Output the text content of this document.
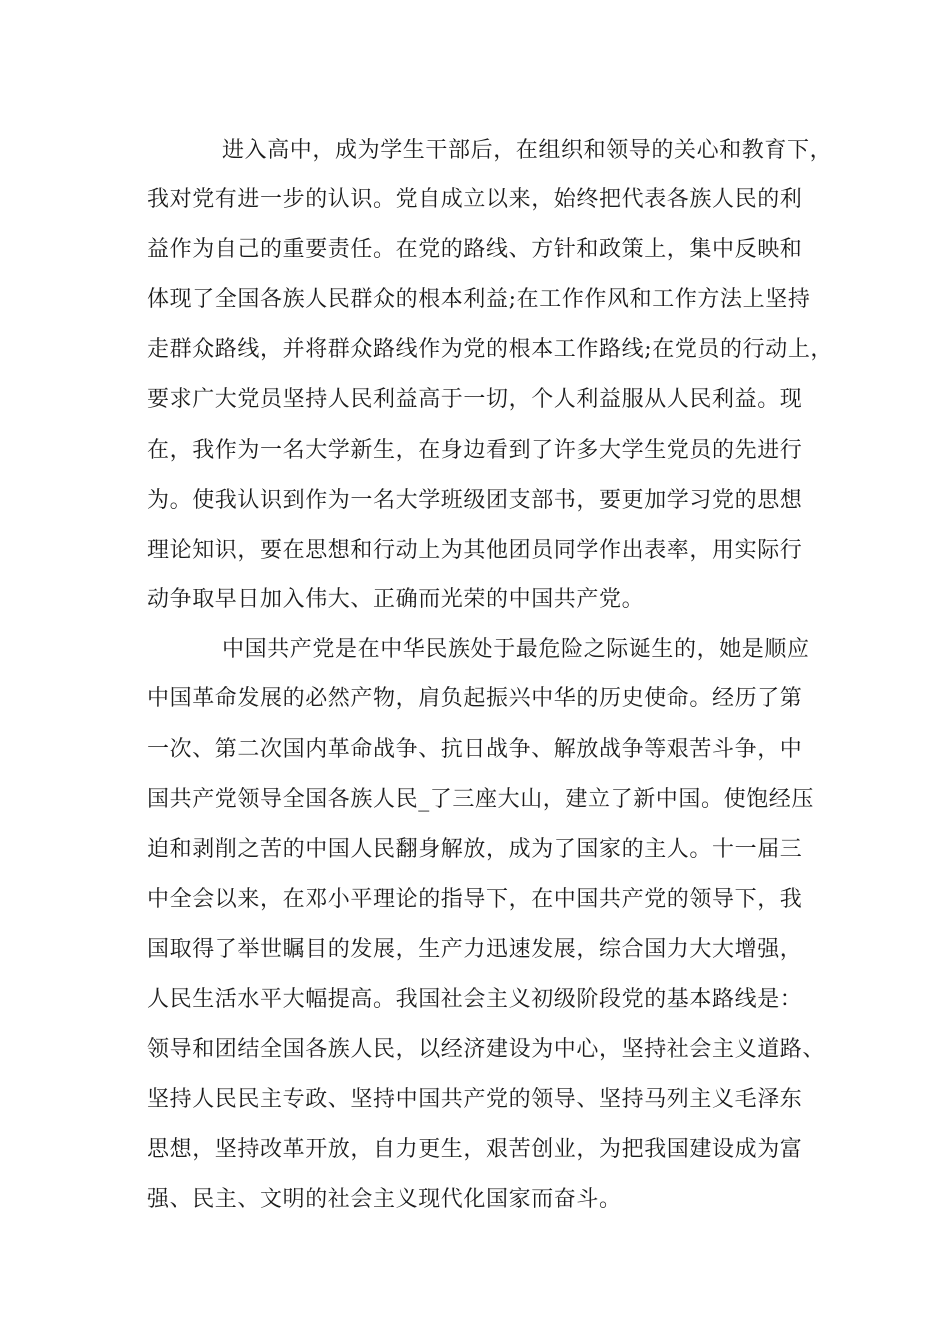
进入高中，成为学生干部后，在组织和领导的关心和教育下，
我对党有进一步的认识。党自成立以来，始终把代表各族人民的利
益作为自己的重要责任。在党的路线、方针和政策上，集中反映和
体现了全国各族人民群众的根本利益;在工作作风和工作方法上坚持
走群众路线，并将群众路线作为党的根本工作路线;在党员的行动上，
要求广大党员坚持人民利益高于一切，个人利益服从人民利益。现
在，我作为一名大学新生，在身边看到了许多大学生党员的先进行
为。使我认识到作为一名大学班级团支部书，要更加学习党的思想
理论知识，要在思想和行动上为其他团员同学作出表率，用实际行
动争取早日加入伟大、正确而光荣的中国共产党。
中国共产党是在中华民族处于最危险之际诞生的，她是顺应
中国革命发展的必然产物，肩负起振兴中华的历史使命。经历了第
一次、第二次国内革命战争、抗日战争、解放战争等艰苦斗争，中
国共产党领导全国各族人民_了三座大山，建立了新中国。使饱经压
迫和剥削之苦的中国人民翻身解放，成为了国家的主人。十一届三
中全会以来，在邓小平理论的指导下，在中国共产党的领导下，我
国取得了举世瞩目的发展，生产力迅速发展，综合国力大大增强，
人民生活水平大幅提高。我国社会主义初级阶段党的基本路线是：
领导和团结全国各族人民，以经济建设为中心，坚持社会主义道路、
坚持人民民主专政、坚持中国共产党的领导、坚持马列主义毛泽东
思想，坚持改革开放，自力更生，艰苦创业，为把我国建设成为富
强、民主、文明的社会主义现代化国家而奋斗。
